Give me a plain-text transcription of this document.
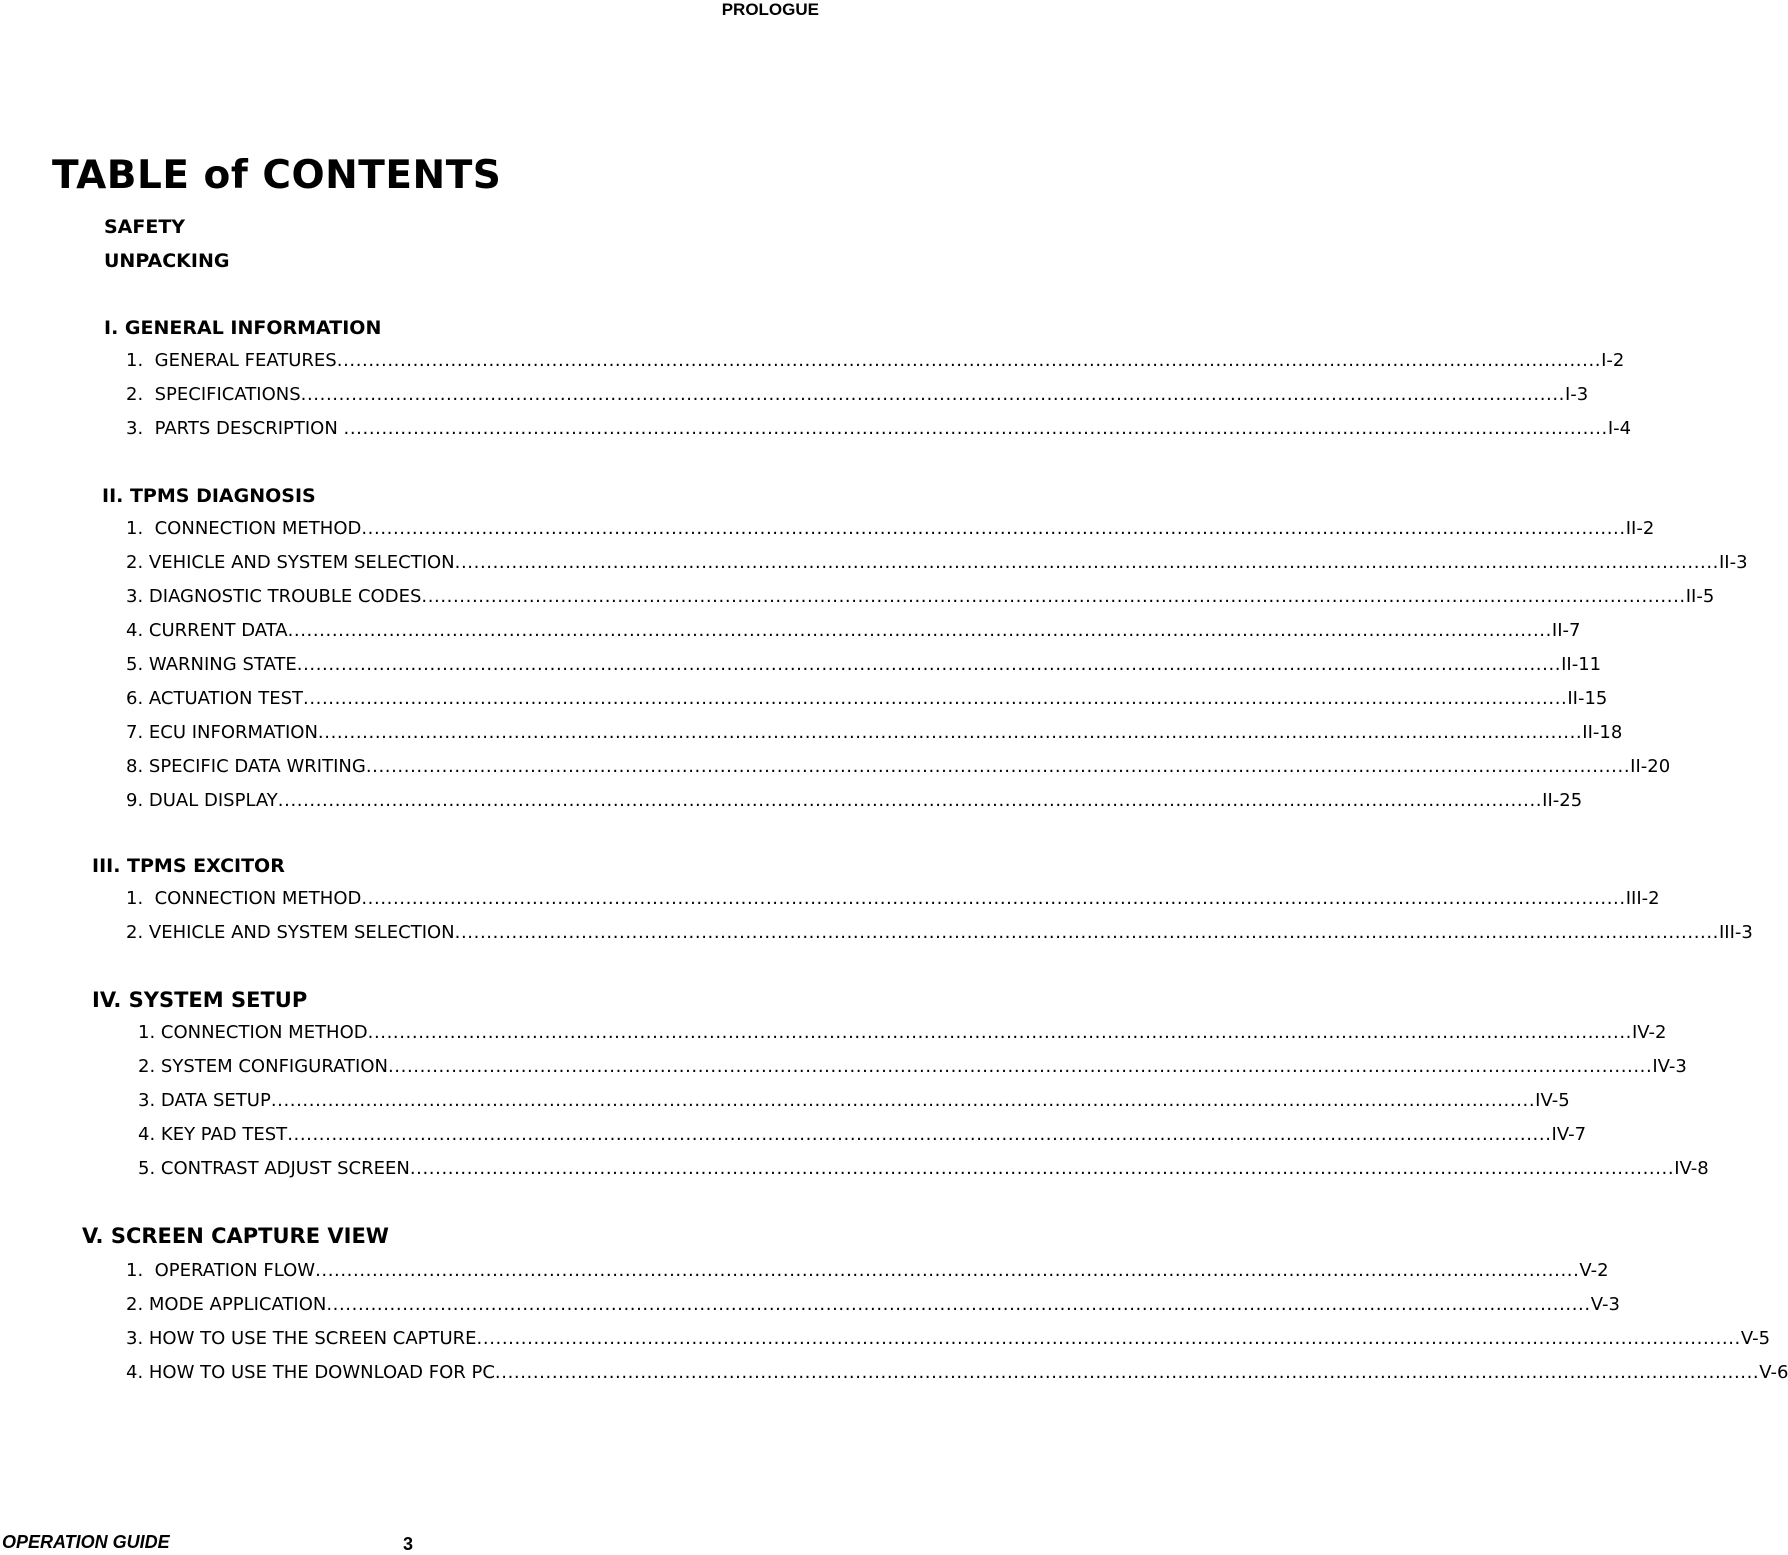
PROLOGUE
TABLE of CONTENTS
SAFETY
UNPACKING
I. GENERAL INFORMATION
1.  GENERAL FEATURES ........................................................................................................................................................................................................ I-2
2.  SPECIFICATIONS ........................................................................................................................................................................................................ I-3
3.  PARTS DESCRIPTION ........................................................................................................................................................................................................ I-4
II. TPMS DIAGNOSIS
1.  CONNECTION METHOD ........................................................................................................................................................................................................ II-2
2. VEHICLE AND SYSTEM SELECTION ........................................................................................................................................................................................................ II-3
3. DIAGNOSTIC TROUBLE CODES ........................................................................................................................................................................................................ II-5
4. CURRENT DATA ........................................................................................................................................................................................................ II-7
5. WARNING STATE ........................................................................................................................................................................................................ II-11
6. ACTUATION TEST ........................................................................................................................................................................................................ II-15
7. ECU INFORMATION ........................................................................................................................................................................................................ II-18
8. SPECIFIC DATA WRITING ........................................................................................................................................................................................................ II-20
9. DUAL DISPLAY ........................................................................................................................................................................................................ II-25
III. TPMS EXCITOR
1.  CONNECTION METHOD ........................................................................................................................................................................................................ III-2
2. VEHICLE AND SYSTEM SELECTION ........................................................................................................................................................................................................ III-3
IV. SYSTEM SETUP
1. CONNECTION METHOD ........................................................................................................................................................................................................ IV-2
2. SYSTEM CONFIGURATION ........................................................................................................................................................................................................ IV-3
3. DATA SETUP ........................................................................................................................................................................................................ IV-5
4. KEY PAD TEST ........................................................................................................................................................................................................ IV-7
5. CONTRAST ADJUST SCREEN ........................................................................................................................................................................................................ IV-8
V. SCREEN CAPTURE VIEW
1.  OPERATION FLOW ........................................................................................................................................................................................................ V-2
2. MODE APPLICATION ........................................................................................................................................................................................................ V-3
3. HOW TO USE THE SCREEN CAPTURE ........................................................................................................................................................................................................ V-5
4. HOW TO USE THE DOWNLOAD FOR PC ........................................................................................................................................................................................................ V-6
OPERATION GUIDE	3
